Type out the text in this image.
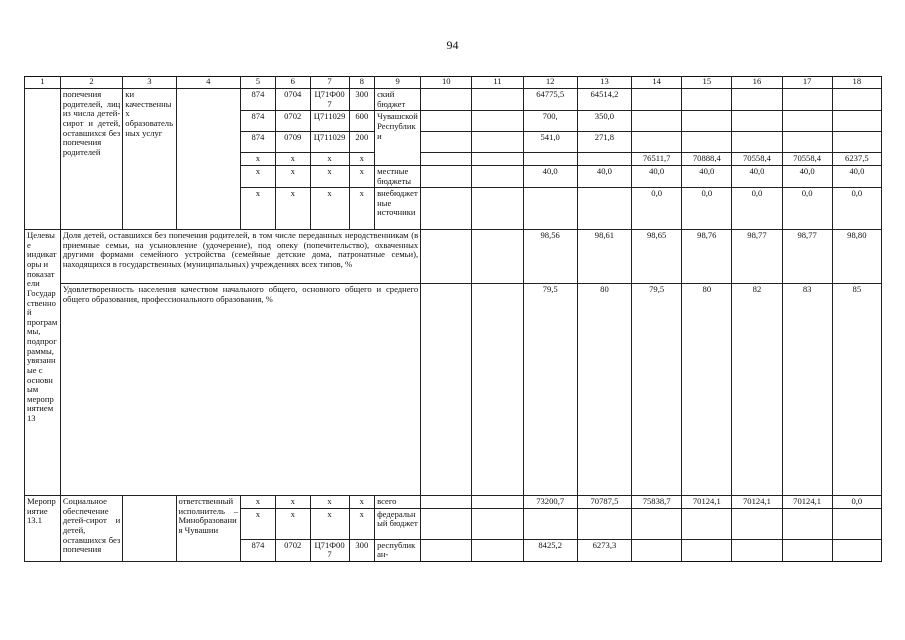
94
1	2	3	4	5	6	7	8	9	10	11	12	13	14	15	16	17	18
	попечения родителей, лиц из числа детей-сирот и детей, оставшихся без попечения родителей	ки качественных образовательных услуг		874	0704	Ц71Ф007	300	ский бюджет			64775,5	64514,2					
				874	0702	Ц711029	600	Чувашской Республики			700,	350,0					
				874	0709	Ц711029	200				541,0	271,8					
				x	x	x	x						76511,7	70888,4	70558,4	70558,4	6237,5
				x	x	x	x	местные бюджеты			40,0	40,0	40,0	40,0	40,0	40,0	40,0
				x	x	x	x	внебюджетные источники					0,0	0,0	0,0	0,0	0,0
Целевые индикаторы и показатели Государственной программы, подпрограммы, увязанные с основным мероприятием 13	Доля детей, оставшихся без попечения родителей, в том числе переданных неродственникам (в приемные семьи, на усыновление (удочерение), под опеку (попечительство), охваченных другими формами семейного устройства (семейные детские дома, патронатные семьи), находящихся в государственных (муниципальных) учреждениях всех типов, %										98,56	98,61	98,65	98,76	98,77	98,77	98,80
	Удовлетворенность населения качеством начального общего, основного общего и среднего общего образования, профессионального образования, %										79,5	80	79,5	80	82	83	85
Мероприятие 13.1	Социальное обеспечение детей-сирот и детей, оставшихся без попечения		ответственный исполнитель – Минобразования Чувашии	x	x	x	x	всего			73200,7	70787,5	75838,7	70124,1	70124,1	70124,1	0,0
				x	x	x	x	федеральный бюджет									
				874	0702	Ц71Ф007	300	республикан-			8425,2	6273,3					
